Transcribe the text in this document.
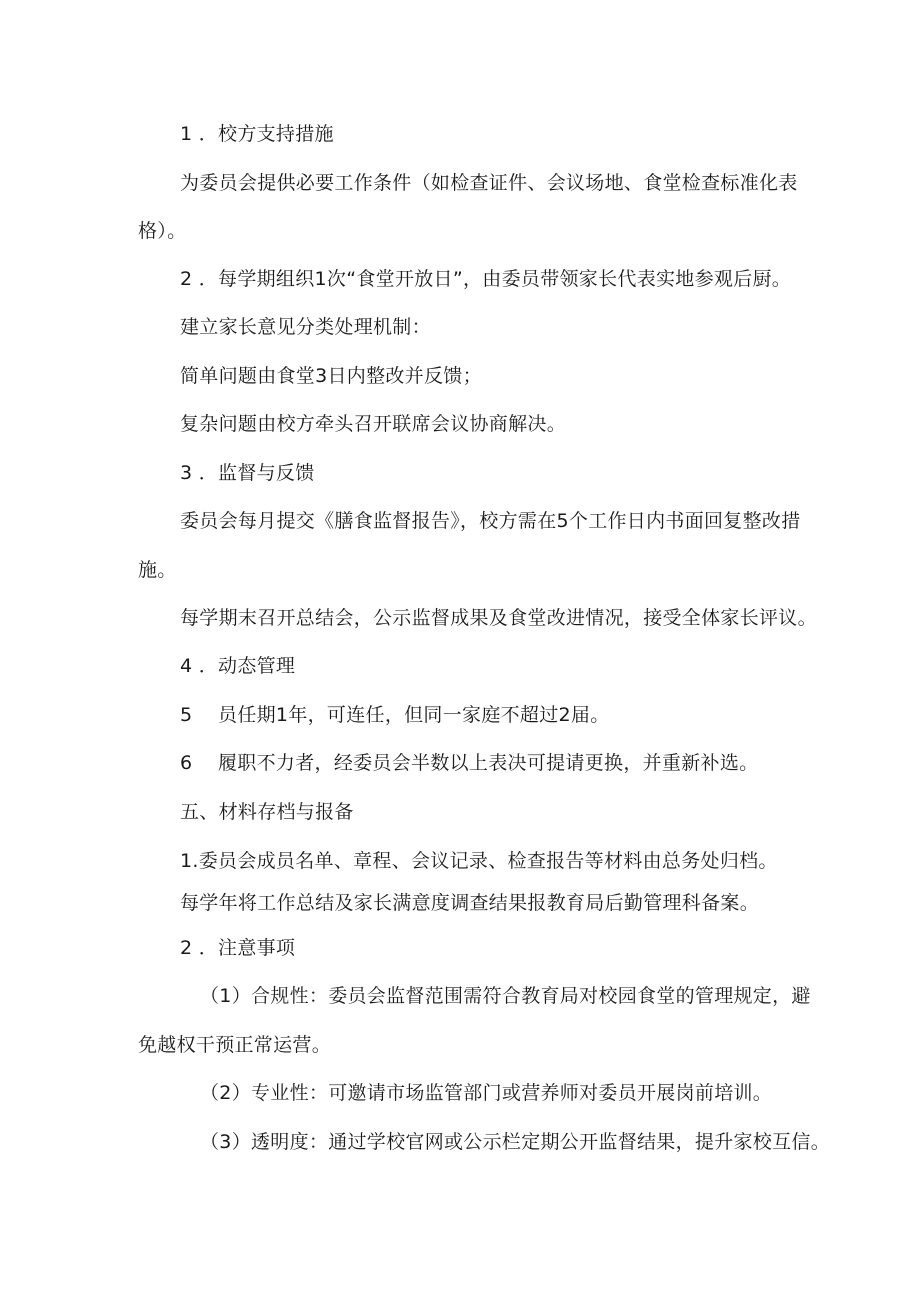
1 ．校方支持措施
为委员会提供必要工作条件（如检查证件、会议场地、食堂检查标准化表
格）。
2 ．每学期组织1次“食堂开放日”，由委员带领家长代表实地参观后厨。
建立家长意见分类处理机制：
简单问题由食堂3日内整改并反馈；
复杂问题由校方牵头召开联席会议协商解决。
3 ．监督与反馈
委员会每月提交《膳食监督报告》，校方需在5个工作日内书面回复整改措
施。
每学期末召开总结会，公示监督成果及食堂改进情况，接受全体家长评议。
4 ．动态管理
5　 员任期1年，可连任，但同一家庭不超过2届。
6　 履职不力者，经委员会半数以上表决可提请更换，并重新补选。
五、材料存档与报备
1.委员会成员名单、章程、会议记录、检查报告等材料由总务处归档。
每学年将工作总结及家长满意度调查结果报教育局后勤管理科备案。
2 ．注意事项
（1）合规性：委员会监督范围需符合教育局对校园食堂的管理规定，避
免越权干预正常运营。
（2）专业性：可邀请市场监管部门或营养师对委员开展岗前培训。
（3）透明度：通过学校官网或公示栏定期公开监督结果，提升家校互信。
